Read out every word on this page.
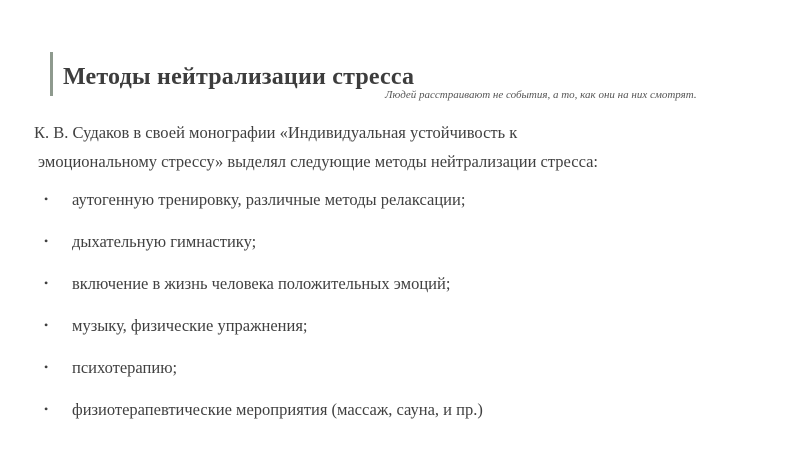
Методы нейтрализации стресса

Людей расстраивают не события, а то, как они на них смотрят.

К. В. Судаков в своей монографии «Индивидуальная устойчивость к
эмоциональному стрессу» выделял следующие методы нейтрализации стресса:

• аутогенную тренировку, различные методы релаксации;
• дыхательную гимнастику;
• включение в жизнь человека положительных эмоций;
• музыку, физические упражнения;
• психотерапию;
• физиотерапевтические мероприятия (массаж, сауна, и пр.)
